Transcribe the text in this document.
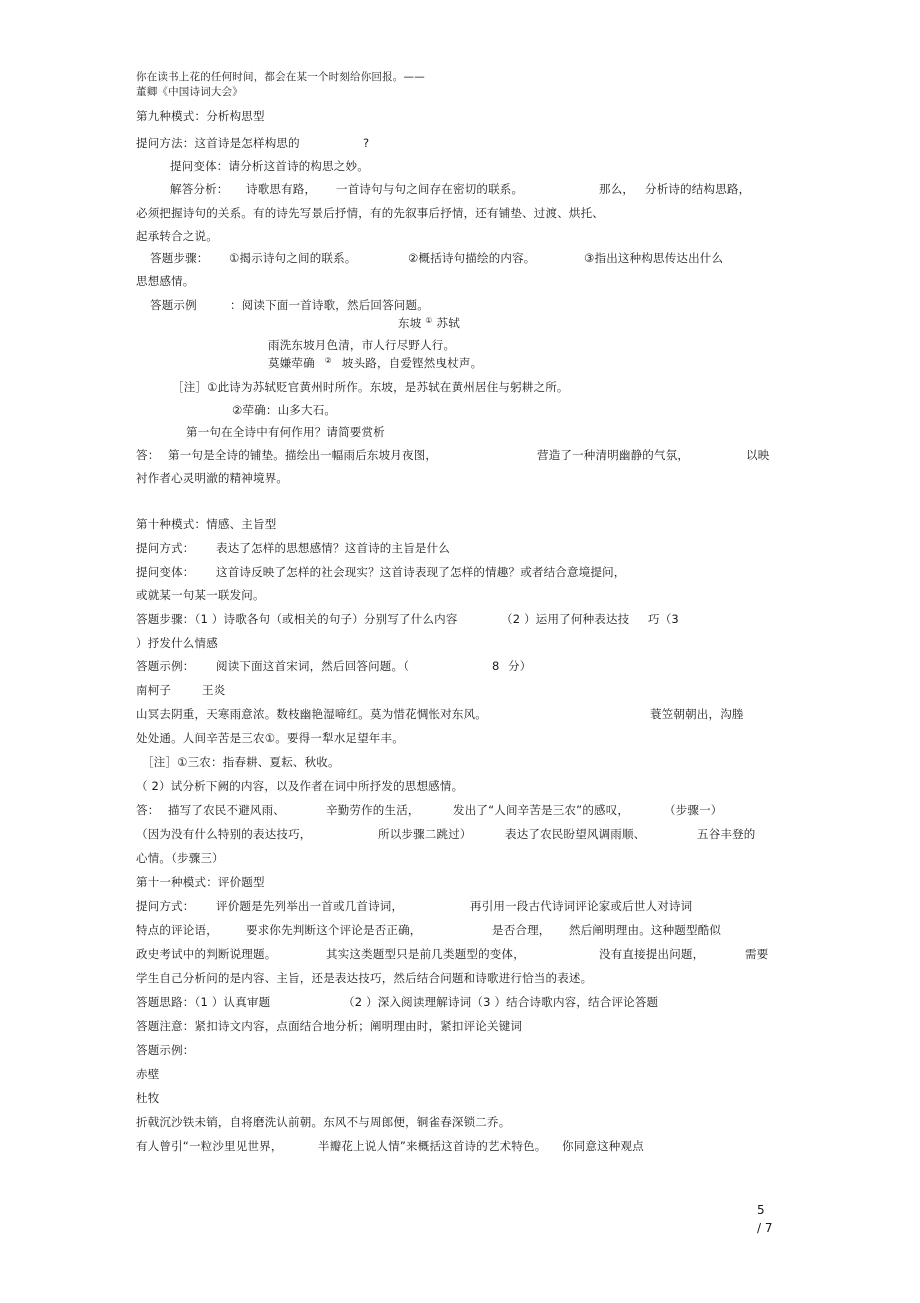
你在读书上花的任何时间，都会在某一个时刻给你回报。——
董卿《中国诗词大会》
第九种模式：分析构思型
提问方法：这首诗是怎样构思的	?
提问变体：请分析这首诗的构思之妙。
解答分析： 诗歌思有路， 一首诗句与句之间存在密切的联系。	那么， 分析诗的结构思路，
必须把握诗句的关系。有的诗先写景后抒情，有的先叙事后抒情，还有铺垫、过渡、烘托、
起承转合之说。
答题步骤： ①揭示诗句之间的联系。	②概括诗句描绘的内容。	③指出这种构思传达出什么
思想感情。
答题示例	：阅读下面一首诗歌，然后回答问题。
东坡 ① 苏轼
雨洗东坡月色清，市人行尽野人行。
莫嫌荦确 ② 坡头路，自爱铿然曳杖声。
［注］①此诗为苏轼贬官黄州时所作。东坡，是苏轼在黄州居住与躬耕之所。
②荦确：山多大石。
第一句在全诗中有何作用？请简要赏析
答： 第一句是全诗的铺垫。描绘出一幅雨后东坡月夜图，	营造了一种清明幽静的气氛，	以映
衬作者心灵明澈的精神境界。
第十种模式：情感、主旨型
提问方式： 表达了怎样的思想感情？这首诗的主旨是什么
提问变体： 这首诗反映了怎样的社会现实？这首诗表现了怎样的情趣？或者结合意境提问，
或就某一句某一联发问。
答题步骤：（1 ）诗歌各句（或相关的句子）分别写了什么内容	（2 ）运用了何种表达技 巧（3
）抒发什么情感
答题示例： 阅读下面这首宋词，然后回答问题。（	8 分）
南柯子	王炎
山冥去阴重，天寒雨意浓。数枝幽艳湿啼红。莫为惜花惆怅对东风。	蓑笠朝朝出，沟塍
处处通。人间辛苦是三农①。要得一犁水足望年丰。
［注］①三农：指春耕、夏耘、秋收。
（ 2）试分析下阙的内容，以及作者在词中所抒发的思想感情。
答： 描写了农民不避风雨、	辛勤劳作的生活，	发出了“人间辛苦是三农”的感叹，	（步骤一）
（因为没有什么特别的表达技巧，	所以步骤二跳过）	表达了农民盼望风调雨顺、	五谷丰登的
心情。（步骤三）
第十一种模式：评价题型
提问方式： 评价题是先列举出一首或几首诗词，	再引用一段古代诗词评论家或后世人对诗词
特点的评论语， 要求你先判断这个评论是否正确，	是否合理， 然后阐明理由。这种题型酷似
政史考试中的判断说理题。	其实这类题型只是前几类题型的变体，	没有直接提出问题，	需要
学生自己分析问的是内容、主旨，还是表达技巧，然后结合问题和诗歌进行恰当的表述。
答题思路：（1 ）认真审题	（2 ）深入阅读理解诗词（3 ）结合诗歌内容，结合评论答题
答题注意：紧扣诗文内容，点面结合地分析；阐明理由时，紧扣评论关键词
答题示例：
赤壁
杜牧
折戟沉沙铁未销，自将磨洗认前朝。东风不与周郎便，铜雀春深锁二乔。
有人曾引“一粒沙里见世界，	半瓣花上说人情”来概括这首诗的艺术特色。 你同意这种观点
5
/ 7
